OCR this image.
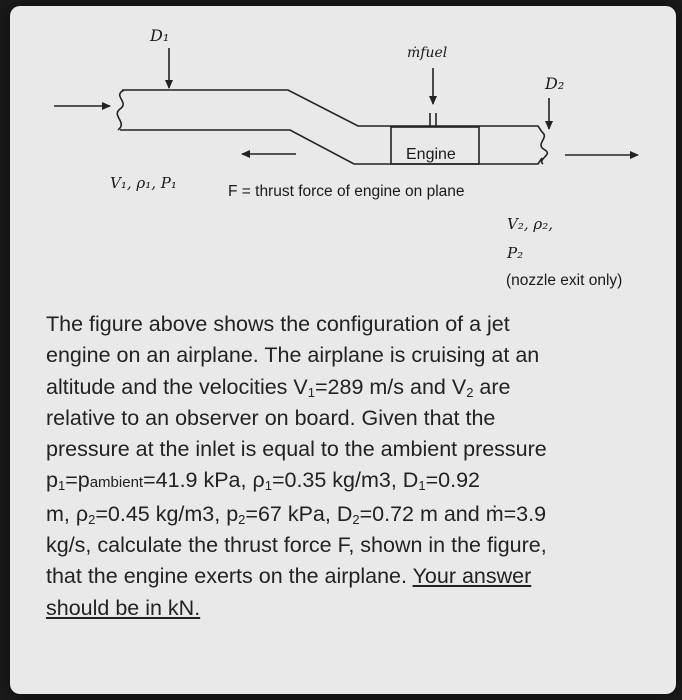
D₁
ṁfuel
D₂
Engine
V₁, ρ₁, P₁	F = thrust force of engine on plane
V₂, ρ₂,
P₂
(nozzle exit only)
The figure above shows the configuration of a jet
engine on an airplane. The airplane is cruising at an
altitude and the velocities $V_1=289$ m/s and $V_2$ are
relative to an observer on board. Given that the
pressure at the inlet is equal to the ambient pressure
$p_1=pambient=41.9$ kPa, $\rho_1=0.35$ kg/m3, $D_1=0.92$
m, $\rho_2=0.45$ kg/m3, $p_2=67$ kPa, $D_2=0.72$ m and ṁ=3.9
kg/s, calculate the thrust force F, shown in the figure,
that the engine exerts on the airplane. Your answer
should be in kN.
